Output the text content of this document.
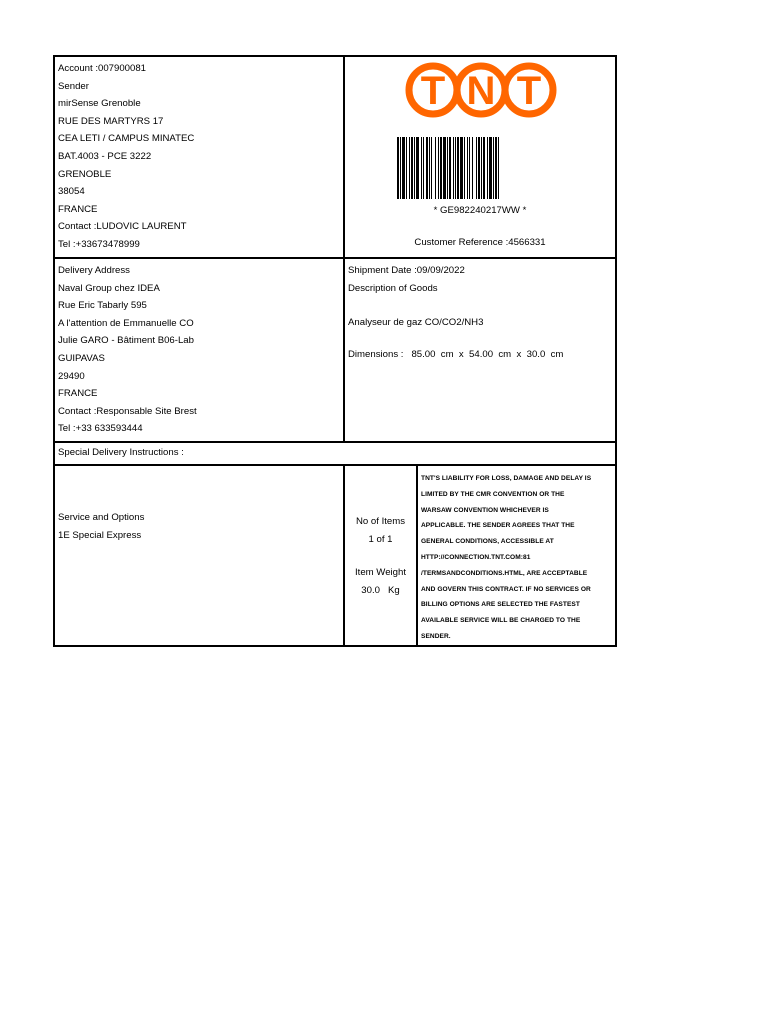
Account :007900081
Sender
mirSense Grenoble
RUE DES MARTYRS 17
CEA LETI / CAMPUS MINATEC
BAT.4003 - PCE 3222
GRENOBLE
38054
FRANCE
Contact :LUDOVIC LAURENT
Tel :+33673478999
T N T
* GE982240217WW *
Customer Reference :4566331
Delivery Address
Naval Group chez IDEA
Rue Eric Tabarly 595
A l'attention de Emmanuelle CO
Julie GARO - Bâtiment B06-Lab
GUIPAVAS
29490
FRANCE
Contact :Responsable Site Brest
Tel :+33 633593444
Shipment Date :09/09/2022
Description of Goods
Analyseur de gaz CO/CO2/NH3
Dimensions :   85.00  cm  x  54.00  cm  x  30.0  cm
Special Delivery Instructions :
Service and Options
1E Special Express
No of Items
1 of 1
Item Weight
30.0   Kg
TNT'S LIABILITY FOR LOSS, DAMAGE AND DELAY IS
LIMITED BY THE CMR CONVENTION OR THE
WARSAW CONVENTION WHICHEVER IS
APPLICABLE. THE SENDER AGREES THAT THE
GENERAL CONDITIONS, ACCESSIBLE AT
HTTP://CONNECTION.TNT.COM:81
/TERMSANDCONDITIONS.HTML, ARE ACCEPTABLE
AND GOVERN THIS CONTRACT. IF NO SERVICES OR
BILLING OPTIONS ARE SELECTED THE FASTEST
AVAILABLE SERVICE WILL BE CHARGED TO THE
SENDER.
